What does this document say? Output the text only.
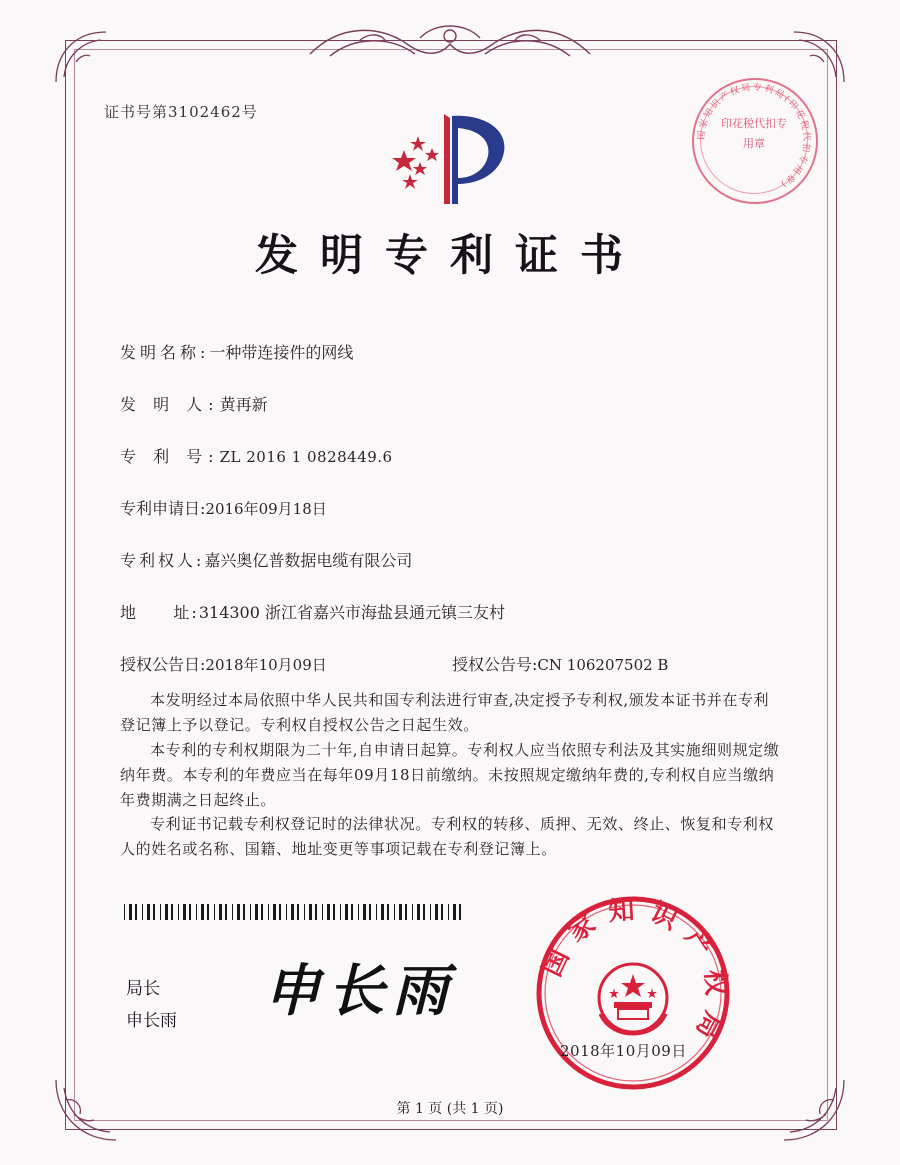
证书号第3102462号
国家知识产权局专利局(印花税代扣专用章)
印花税代扣专用章
发明专利证书
发明名称:一种带连接件的网线
发 明 人:黄再新
专 利 号:ZL 2016 1 0828449.6
专利申请日:2016年09月18日
专利权人:嘉兴奥亿普数据电缆有限公司
地     址:314300 浙江省嘉兴市海盐县通元镇三友村
授权公告日:2018年10月09日	授权公告号:CN 106207502 B
本发明经过本局依照中华人民共和国专利法进行审查,决定授予专利权,颁发本证书并在专利登记簿上予以登记。专利权自授权公告之日起生效。
本专利的专利权期限为二十年,自申请日起算。专利权人应当依照专利法及其实施细则规定缴纳年费。本专利的年费应当在每年09月18日前缴纳。未按照规定缴纳年费的,专利权自应当缴纳年费期满之日起终止。
专利证书记载专利权登记时的法律状况。专利权的转移、质押、无效、终止、恢复和专利权人的姓名或名称、国籍、地址变更等事项记载在专利登记簿上。
局长
申长雨 申长雨
国家知识产权局
2018年10月09日
第 1 页 (共 1 页)
